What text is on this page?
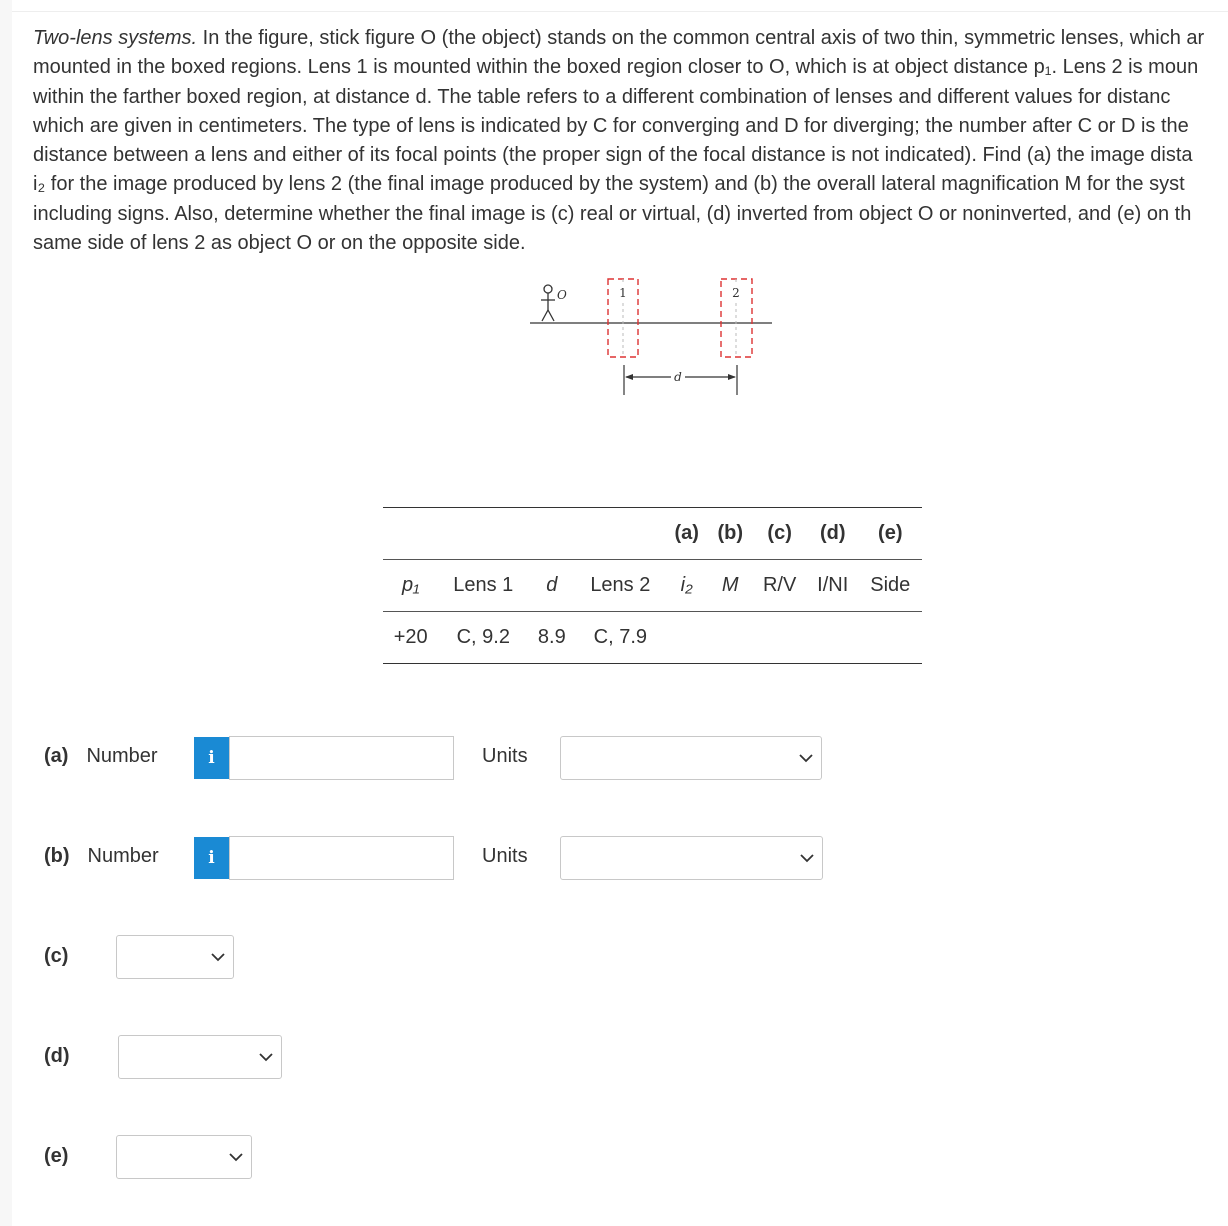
Two-lens systems. In the figure, stick figure O (the object) stands on the common central axis of two thin, symmetric lenses, which ar
mounted in the boxed regions. Lens 1 is mounted within the boxed region closer to O, which is at object distance p₁. Lens 2 is moun
within the farther boxed region, at distance d. The table refers to a different combination of lenses and different values for distanc
which are given in centimeters. The type of lens is indicated by C for converging and D for diverging; the number after C or D is the
distance between a lens and either of its focal points (the proper sign of the focal distance is not indicated). Find (a) the image dista
i₂ for the image produced by lens 2 (the final image produced by the system) and (b) the overall lateral magnification M for the syst
including signs. Also, determine whether the final image is (c) real or virtual, (d) inverted from object O or noninverted, and (e) on th
same side of lens 2 as object O or on the opposite side.
O	1	2
d
				(a)	(b)	(c)	(d)	(e)
p₁	Lens 1	d	Lens 2	i₂	M	R/V	I/NI	Side
+20	C, 9.2	8.9	C, 7.9					
(a) Number	i	Units
(b) Number	i	Units
(c)
(d)
(e)
